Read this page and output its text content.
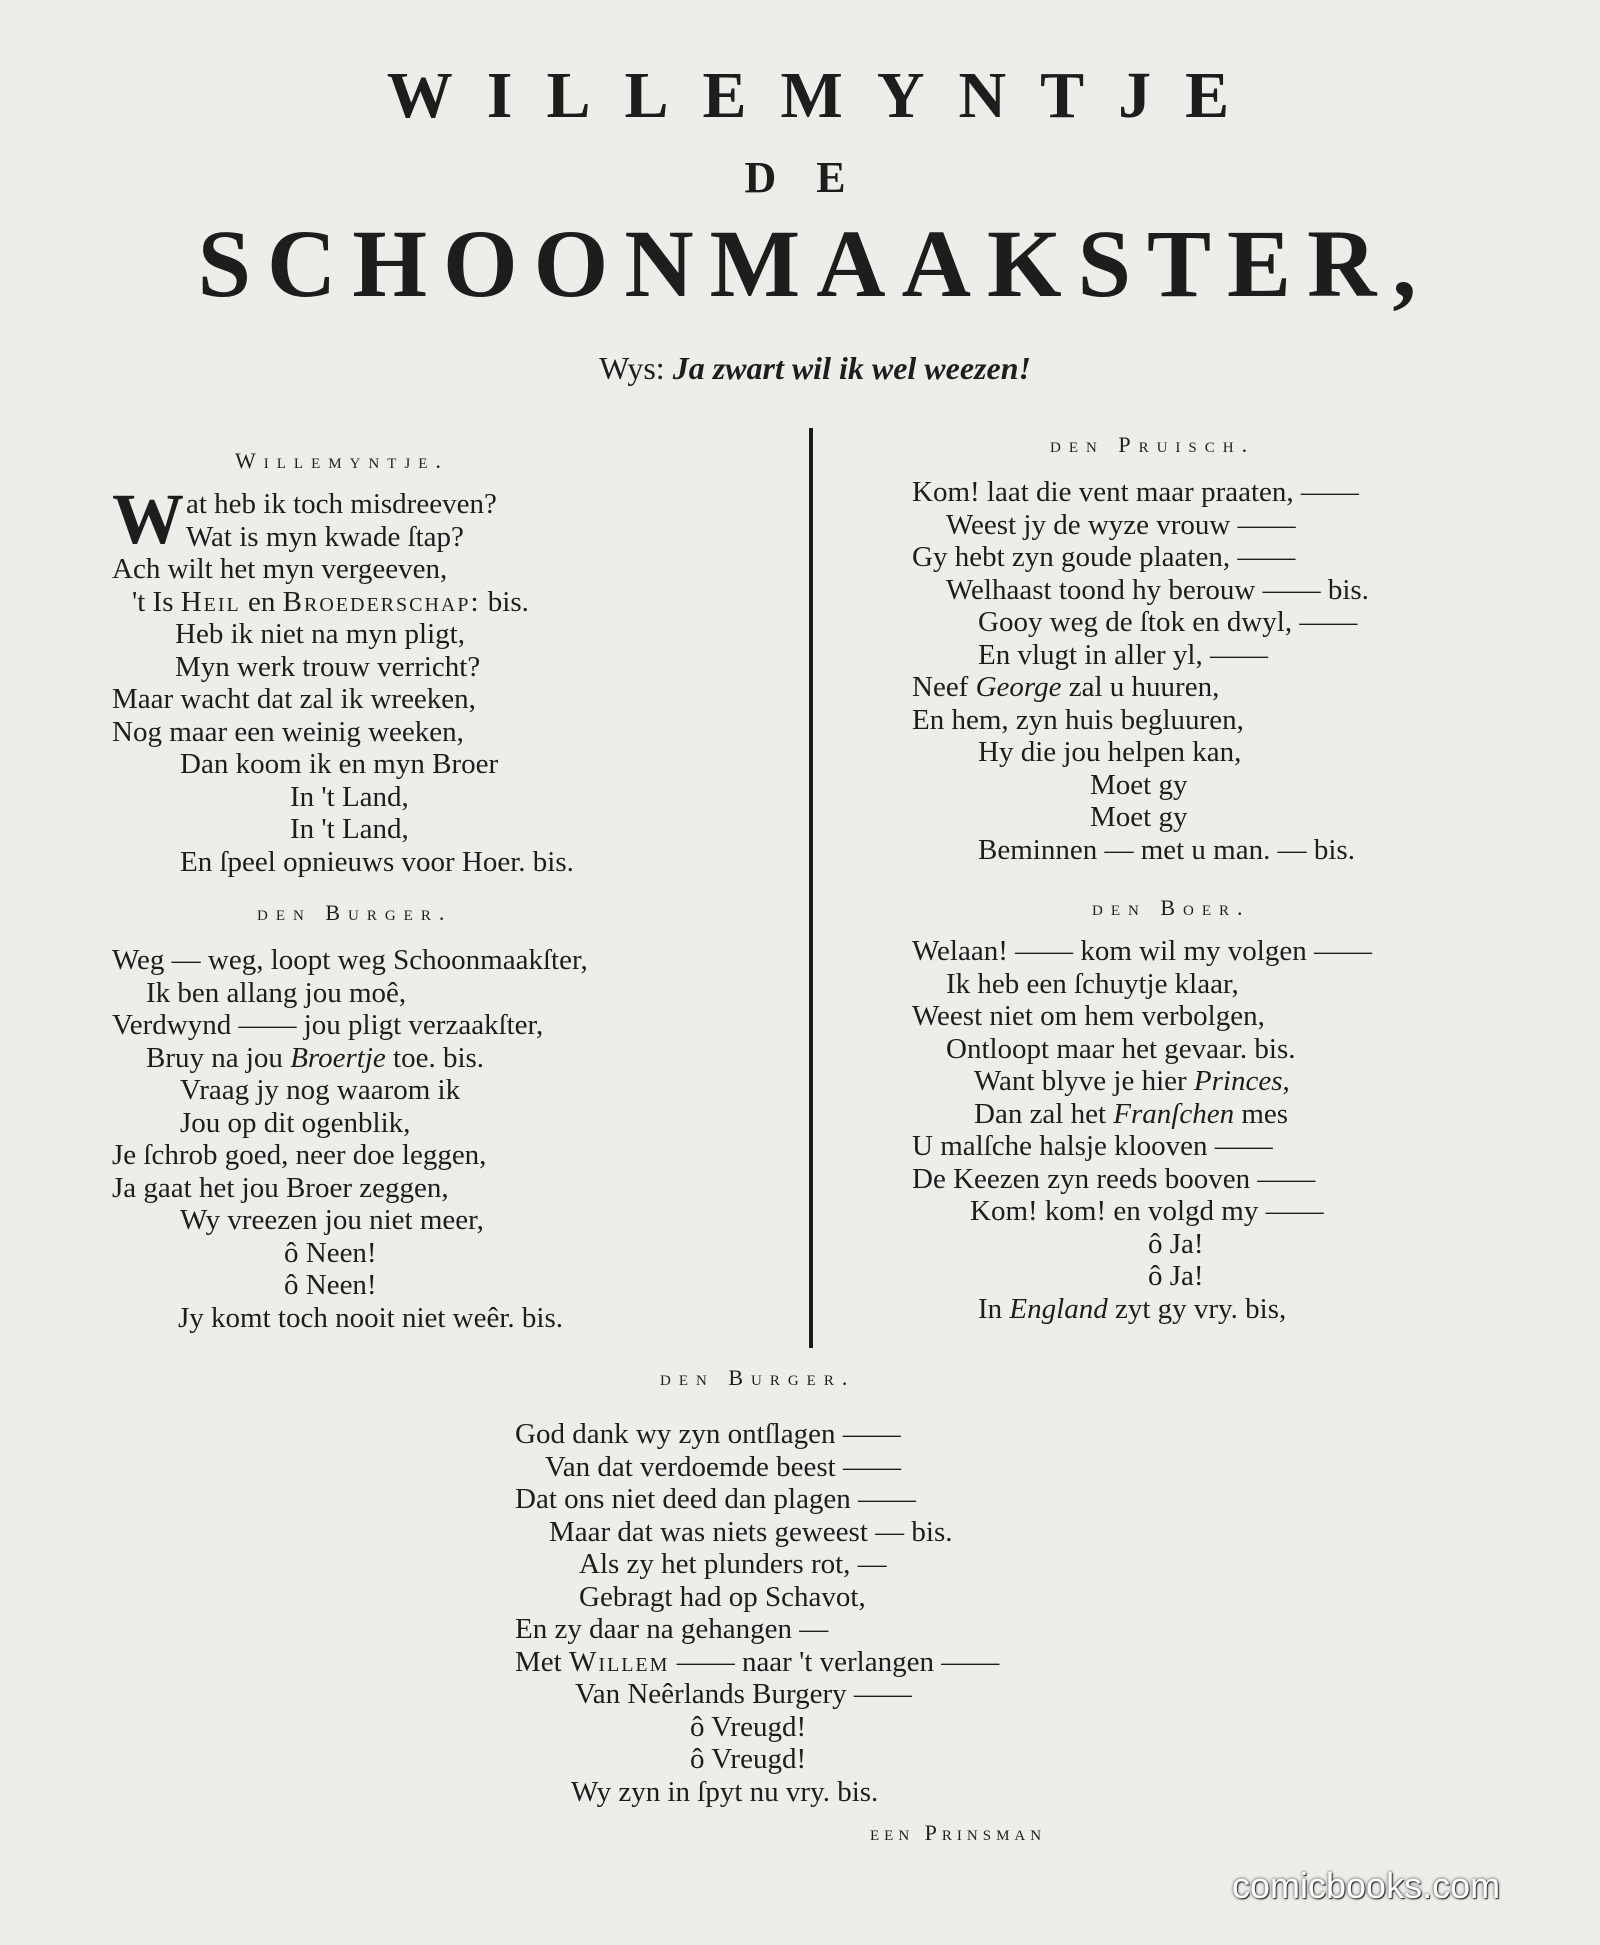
WILLEMYNTJE
DE
SCHOONMAAKSTER,
Wys: Ja zwart wil ik wel weezen!
Willemyntje.
W at heb ik toch misdreeven?
Wat is myn kwade ſtap?
Ach wilt het myn vergeeven,
't Is Heil en Broederschap: bis.
Heb ik niet na myn pligt,
Myn werk trouw verricht?
Maar wacht dat zal ik wreeken,
Nog maar een weinig weeken,
Dan koom ik en myn Broer
In 't Land,
In 't Land,
En ſpeel opnieuws voor Hoer. bis.
den Burger.
Weg — weg, loopt weg Schoonmaakſter,
Ik ben allang jou moê,
Verdwynd —— jou pligt verzaakſter,
Bruy na jou Broertje toe. bis.
Vraag jy nog waarom ik
Jou op dit ogenblik,
Je ſchrob goed, neer doe leggen,
Ja gaat het jou Broer zeggen,
Wy vreezen jou niet meer,
ô Neen!
ô Neen!
Jy komt toch nooit niet weêr. bis.
den Pruisch.
Kom! laat die vent maar praaten, ——
Weest jy de wyze vrouw ——
Gy hebt zyn goude plaaten, ——
Welhaast toond hy berouw —— bis.
Gooy weg de ſtok en dwyl, ——
En vlugt in aller yl, ——
Neef George zal u huuren,
En hem, zyn huis begluuren,
Hy die jou helpen kan,
Moet gy
Moet gy
Beminnen — met u man. — bis.
den Boer.
Welaan! —— kom wil my volgen ——
Ik heb een ſchuytje klaar,
Weest niet om hem verbolgen,
Ontloopt maar het gevaar. bis.
Want blyve je hier Princes,
Dan zal het Franſchen mes
U malſche halsje klooven ——
De Keezen zyn reeds booven ——
Kom! kom! en volgd my ——
ô Ja!
ô Ja!
In England zyt gy vry. bis,
den Burger.
God dank wy zyn ontſlagen ——
Van dat verdoemde beest ——
Dat ons niet deed dan plagen ——
Maar dat was niets geweest — bis.
Als zy het plunders rot, —
Gebragt had op Schavot,
En zy daar na gehangen —
Met Willem —— naar 't verlangen ——
Van Neêrlands Burgery ——
ô Vreugd!
ô Vreugd!
Wy zyn in ſpyt nu vry. bis.
een Prinsman
comicbooks.com
